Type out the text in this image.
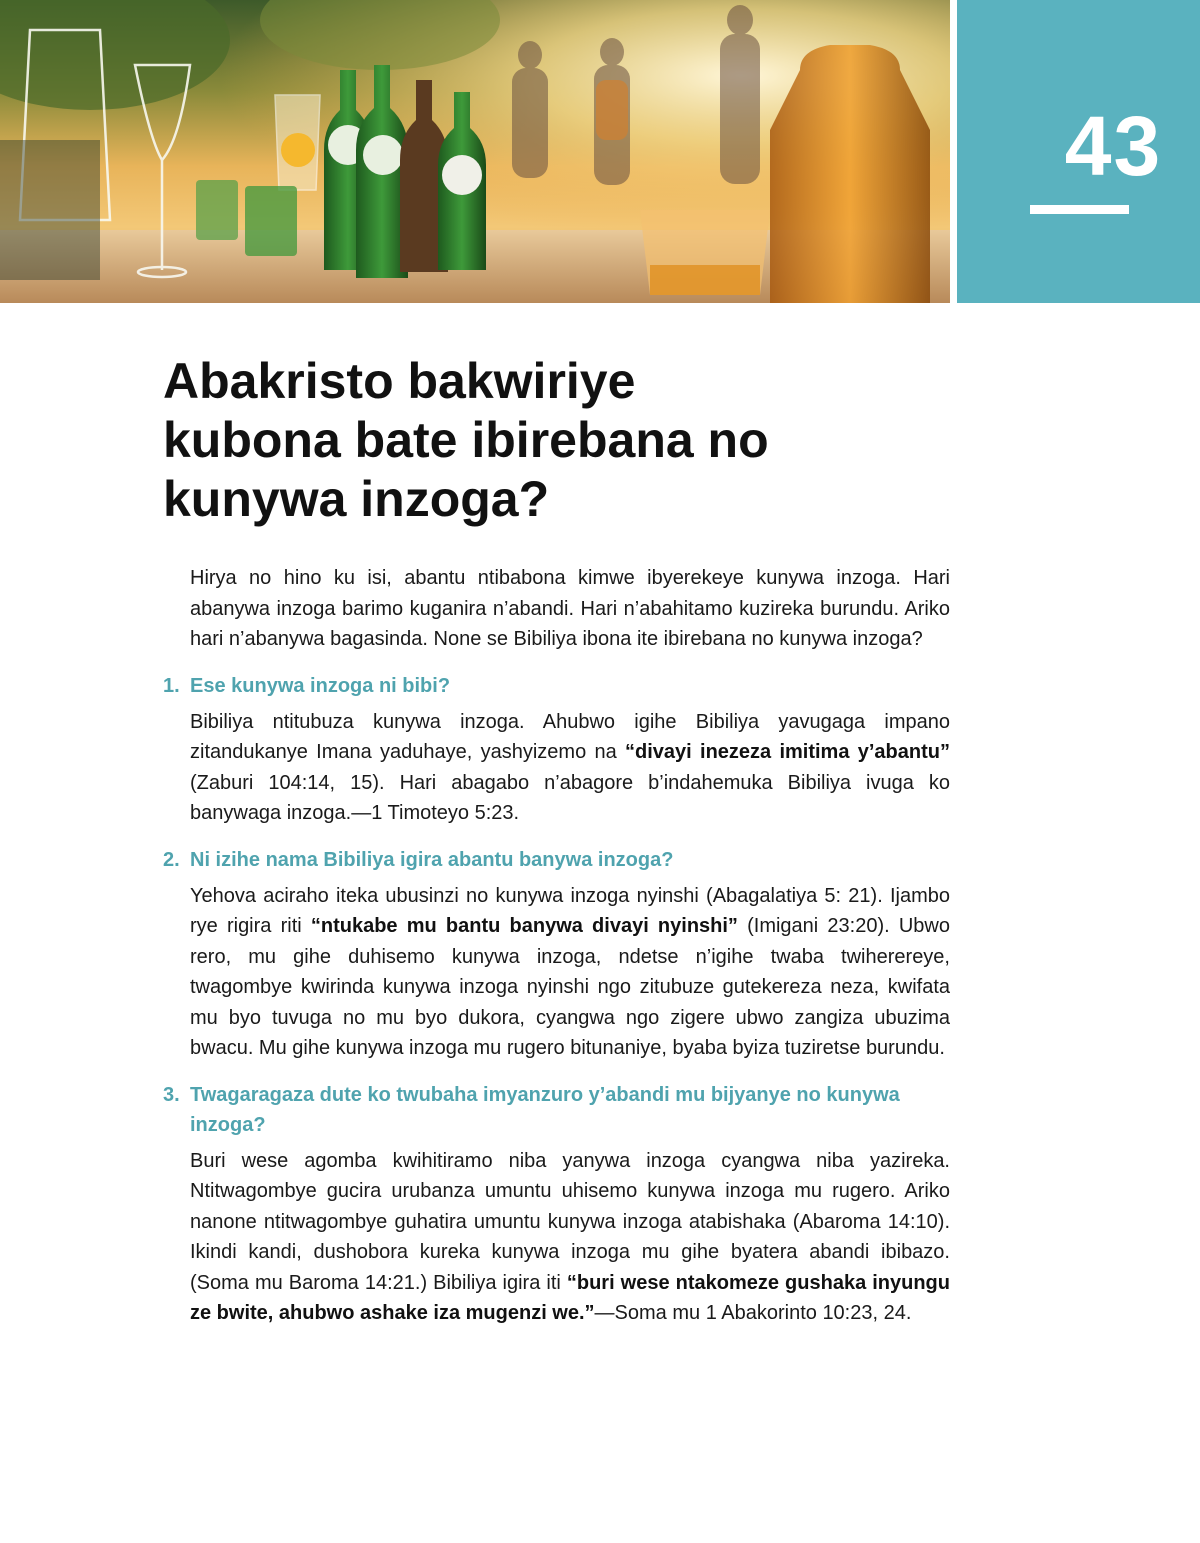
43
Abakristo bakwiriye kubona bate ibirebana no kunywa inzoga?

Hirya no hino ku isi, abantu ntibabona kimwe ibyerekeye kunywa inzoga. Hari abanywa inzoga barimo kuganira n’abandi. Hari n’abahitamo kuzireka burundu. Ariko hari n’abanywa bagasinda. None se Bibiliya ibona ite ibirebana no kunywa inzoga?

1. Ese kunywa inzoga ni bibi?

Bibiliya ntitubuza kunywa inzoga. Ahubwo igihe Bibiliya yavugaga impano zitandukanye Imana yaduhaye, yashyizemo na “divayi inezeza imitima y’abantu” (Zaburi 104:14, 15). Hari abagabo n’abagore b’indahemuka Bibiliya ivuga ko banywaga inzoga.—1 Timoteyo 5:23.

2. Ni izihe nama Bibiliya igira abantu banywa inzoga?

Yehova aciraho iteka ubusinzi no kunywa inzoga nyinshi (Abagalatiya 5: 21). Ijambo rye rigira riti “ntukabe mu bantu banywa divayi nyinshi” (Imigani 23:20). Ubwo rero, mu gihe duhisemo kunywa inzoga, ndetse n’igihe twaba twiherereye, twagombye kwirinda kunywa inzoga nyinshi ngo zitubuze gutekereza neza, kwifata mu byo tuvuga no mu byo dukora, cyangwa ngo zigere ubwo zangiza ubuzima bwacu. Mu gihe kunywa inzoga mu rugero bitunaniye, byaba byiza tuziretse burundu.

3. Twagaragaza dute ko twubaha imyanzuro y’abandi mu bijyanye no kunywa inzoga?

Buri wese agomba kwihitiramo niba yanywa inzoga cyangwa niba yazireka. Ntitwagombye gucira urubanza umuntu uhisemo kunywa inzoga mu rugero. Ariko nanone ntitwagombye guhatira umuntu kunywa inzoga atabishaka (Abaroma 14:10). Ikindi kandi, dushobora kureka kunywa inzoga mu gihe byatera abandi ibibazo. (Soma mu Baroma 14:21.) Bibiliya igira iti “buri wese ntakomeze gushaka inyungu ze bwite, ahubwo ashake iza mugenzi we.”—Soma mu 1 Abakorinto 10:23, 24.
